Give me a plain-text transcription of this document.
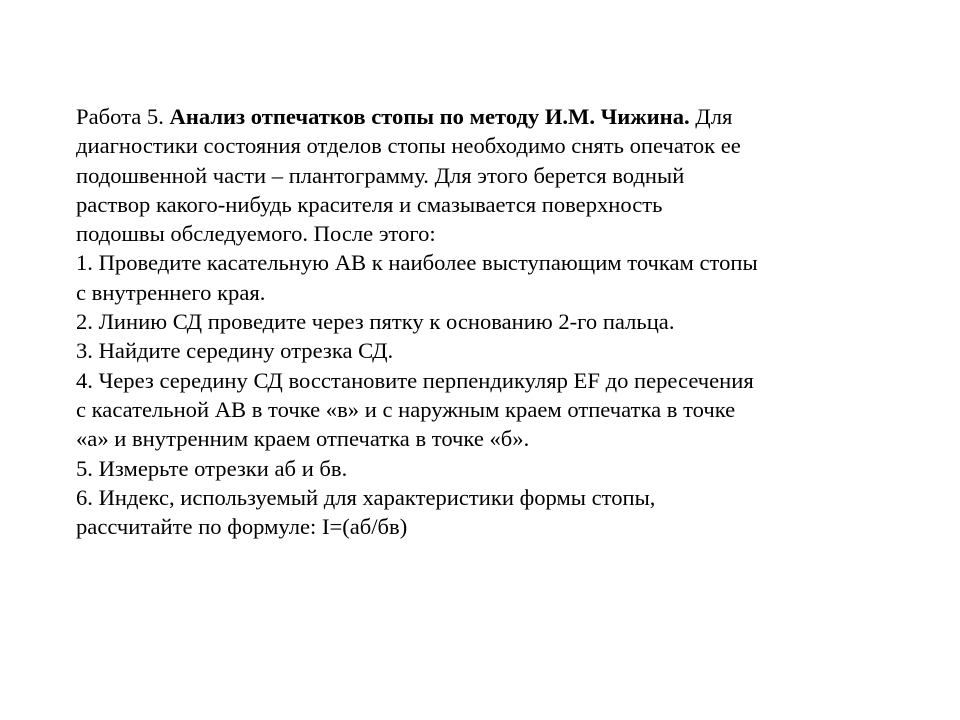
Работа 5. Анализ отпечатков стопы по методу И.М. Чижина. Для
диагностики состояния отделов стопы необходимо снять опечаток ее
подошвенной части – плантограмму. Для этого берется водный
раствор какого-нибудь красителя и смазывается поверхность
подошвы обследуемого. После этого:
1. Проведите касательную АВ к наиболее выступающим точкам стопы
с внутреннего края.
2. Линию СД проведите через пятку к основанию 2-го пальца.
3. Найдите середину отрезка СД.
4. Через середину СД восстановите перпендикуляр EF до пересечения
с касательной АВ в точке «в» и с наружным краем отпечатка в точке
«а» и внутренним краем отпечатка в точке «б».
5. Измерьте отрезки аб и бв.
6. Индекс, используемый для характеристики формы стопы,
рассчитайте по формуле: I=(аб/бв)
